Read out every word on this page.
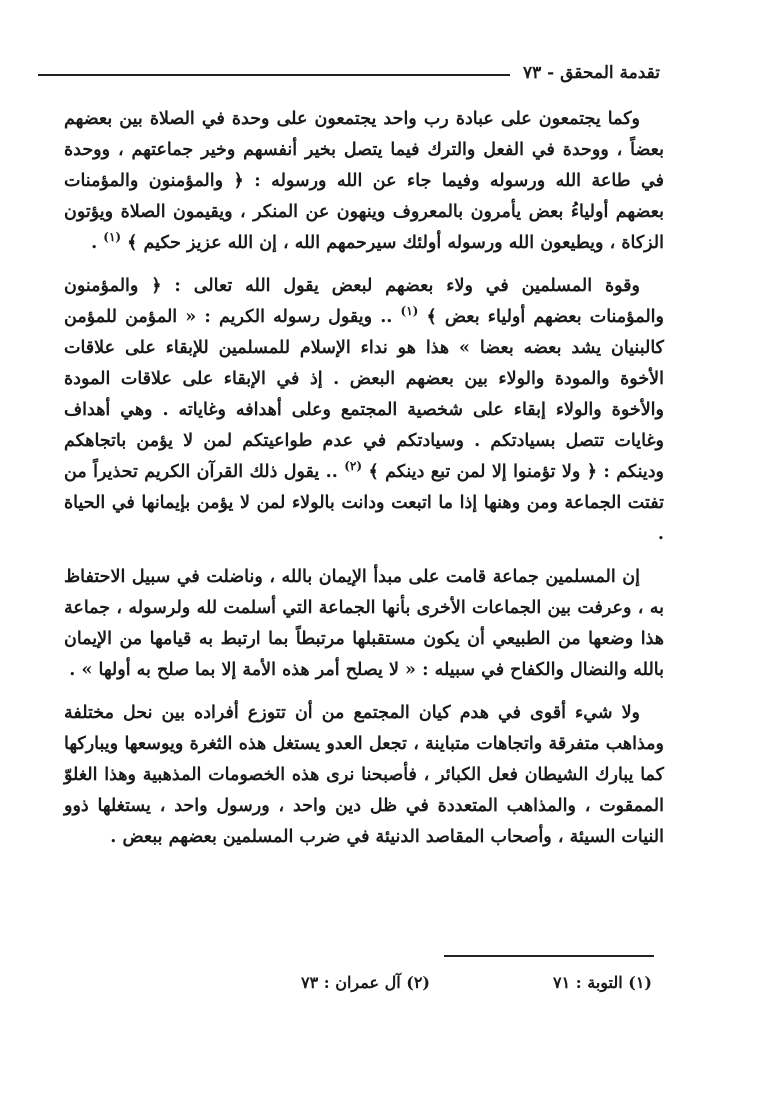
تقدمة المحقق - ٧٣

وكما يجتمعون على عبادة رب واحد يجتمعون على وحدة في الصلاة بين بعضهم بعضاً ، ووحدة في الفعل والترك فيما يتصل بخير أنفسهم وخير جماعتهم ، ووحدة في طاعة الله ورسوله وفيما جاء عن الله ورسوله : ﴿ والمؤمنون والمؤمنات بعضهم أولياءُ بعض يأمرون بالمعروف وينهون عن المنكر ، ويقيمون الصلاة ويؤتون الزكاة ، ويطيعون الله ورسوله أولئك سيرحمهم الله ، إن الله عزيز حكيم ﴾ $^{(١)}$ .

وقوة المسلمين في ولاء بعضهم لبعض يقول الله تعالى : ﴿ والمؤمنون والمؤمنات بعضهم أولياء بعض ﴾ $^{(١)}$ .. ويقول رسوله الكريم : « المؤمن للمؤمن كالبنيان يشد بعضه بعضا » هذا هو نداء الإسلام للمسلمين للإبقاء على علاقات الأخوة والمودة والولاء بين بعضهم البعض . إذ في الإبقاء على علاقات المودة والأخوة والولاء إبقاء على شخصية المجتمع وعلى أهدافه وغاياته . وهي أهداف وغايات تتصل بسيادتكم . وسيادتكم في عدم طواعيتكم لمن لا يؤمن باتجاهكم ودينكم : ﴿ ولا تؤمنوا إلا لمن تبع دينكم ﴾ $^{(٢)}$ .. يقول ذلك القرآن الكريم تحذيراً من تفتت الجماعة ومن وهنها إذا ما اتبعت ودانت بالولاء لمن لا يؤمن بإيمانها في الحياة .

إن المسلمين جماعة قامت على مبدأ الإيمان بالله ، وناضلت في سبيل الاحتفاظ به ، وعرفت بين الجماعات الأخرى بأنها الجماعة التي أسلمت لله ولرسوله ، جماعة هذا وضعها من الطبيعي أن يكون مستقبلها مرتبطاً بما ارتبط به قيامها من الإيمان بالله والنضال والكفاح في سبيله : « لا يصلح أمر هذه الأمة إلا بما صلح به أولها » .

ولا شيء أقوى في هدم كيان المجتمع من أن تتوزع أفراده بين نحل مختلفة ومذاهب متفرقة واتجاهات متباينة ، تجعل العدو يستغل هذه الثغرة ويوسعها ويباركها كما يبارك الشيطان فعل الكبائر ، فأصبحنا نرى هذه الخصومات المذهبية وهذا الغلوّ الممقوت ، والمذاهب المتعددة في ظل دين واحد ، ورسول واحد ، يستغلها ذوو النيات السيئة ، وأصحاب المقاصد الدنيئة في ضرب المسلمين بعضهم ببعض .

(١) التوبة : ٧١
(٢) آل عمران : ٧٣
